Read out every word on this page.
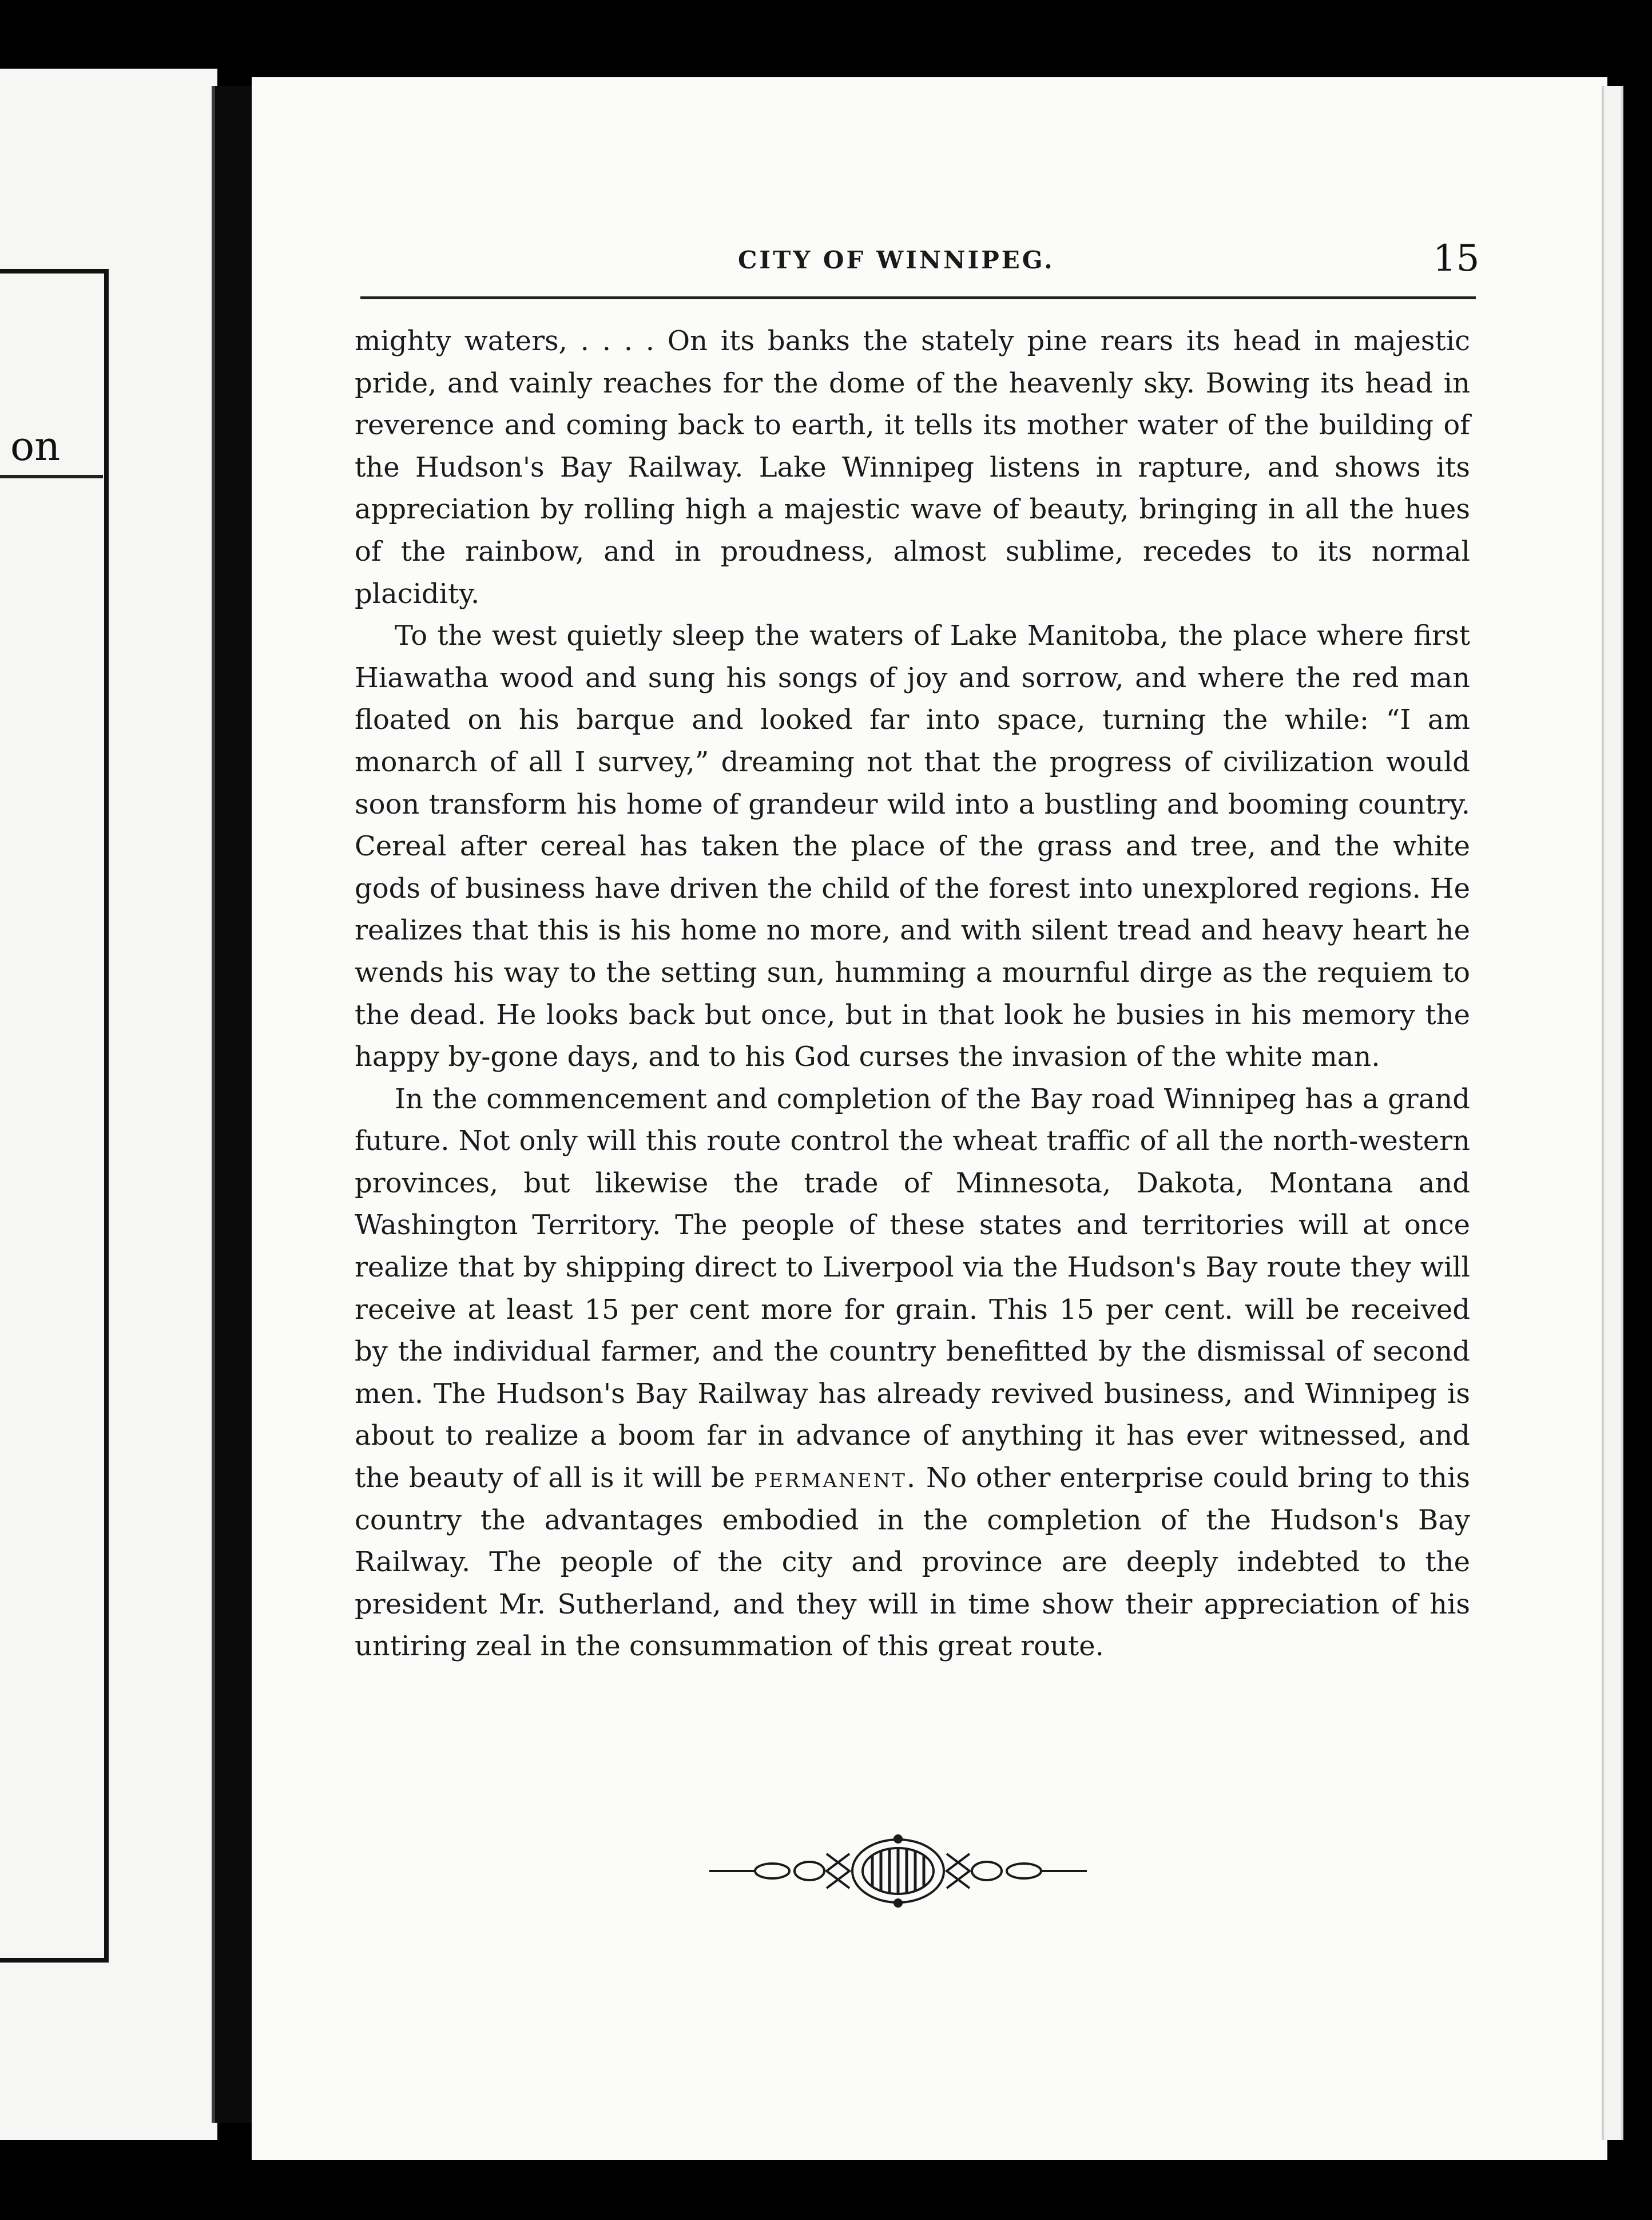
on
CITY OF WINNIPEG.	15

mighty waters, . . . . On its banks the stately pine rears its head in majestic pride, and vainly reaches for the dome of the heavenly sky. Bowing its head in reverence and coming back to earth, it tells its mother water of the building of the Hudson's Bay Railway. Lake Winnipeg listens in rapture, and shows its appreciation by rolling high a majestic wave of beauty, bringing in all the hues of the rainbow, and in proudness, almost sublime, recedes to its normal placidity.

To the west quietly sleep the waters of Lake Manitoba, the place where first Hiawatha wood and sung his songs of joy and sorrow, and where the red man floated on his barque and looked far into space, turning the while: “I am monarch of all I survey,” dreaming not that the progress of civilization would soon transform his home of grandeur wild into a bustling and booming country. Cereal after cereal has taken the place of the grass and tree, and the white gods of business have driven the child of the forest into unexplored regions. He realizes that this is his home no more, and with silent tread and heavy heart he wends his way to the setting sun, humming a mournful dirge as the requiem to the dead. He looks back but once, but in that look he busies in his memory the happy by-gone days, and to his God curses the invasion of the white man.

In the commencement and completion of the Bay road Winnipeg has a grand future. Not only will this route control the wheat traffic of all the north-western provinces, but likewise the trade of Minnesota, Dakota, Montana and Washington Territory. The people of these states and territories will at once realize that by shipping direct to Liverpool via the Hudson's Bay route they will receive at least 15 per cent more for grain. This 15 per cent. will be received by the individual farmer, and the country benefitted by the dismissal of second men. The Hudson's Bay Railway has already revived business, and Winnipeg is about to realize a boom far in advance of anything it has ever witnessed, and the beauty of all is it will be permanent. No other enterprise could bring to this country the advantages embodied in the completion of the Hudson's Bay Railway. The people of the city and province are deeply indebted to the president Mr. Sutherland, and they will in time show their appreciation of his untiring zeal in the consummation of this great route.
